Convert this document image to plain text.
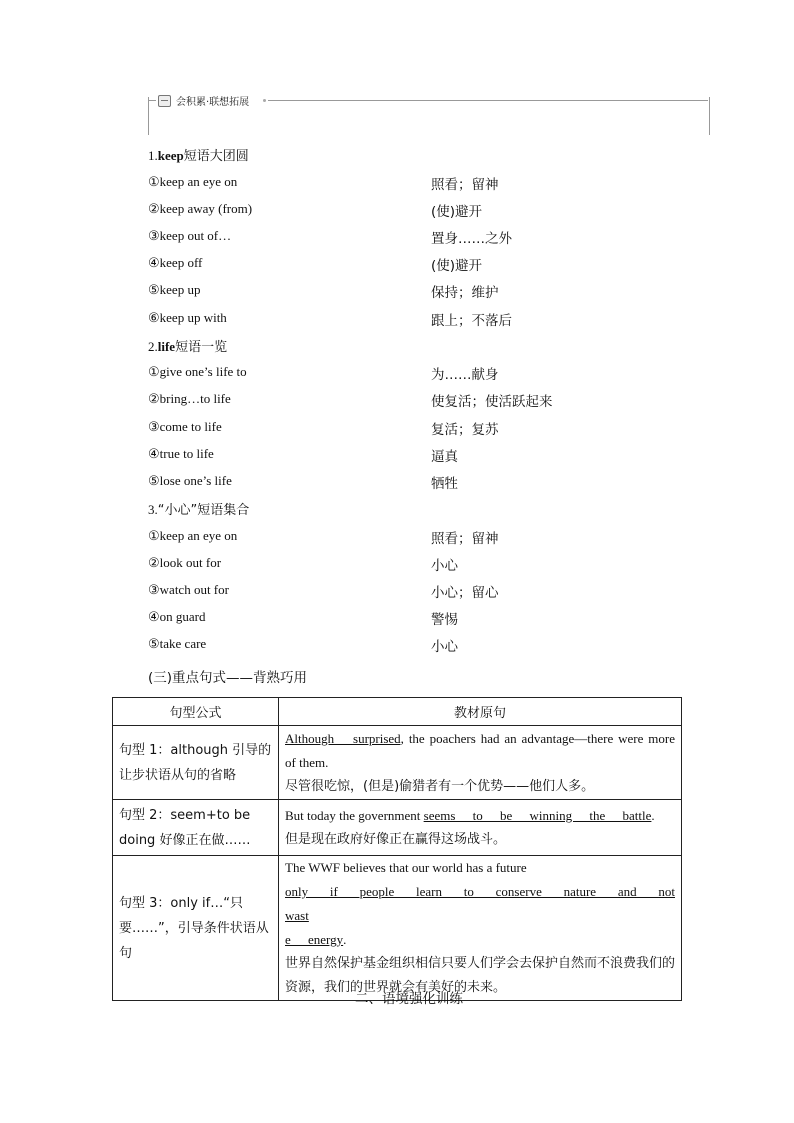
会积累·联想拓展
1.keep短语大团圆
①keep an eye on	照看；留神
②keep away (from)	(使)避开
③keep out of…	置身……之外
④keep off	(使)避开
⑤keep up	保持；维护
⑥keep up with	跟上；不落后
2.life短语一览
①give one’s life to	为……献身
②bring…to life	使复活；使活跃起来
③come to life	复活；复苏
④true to life	逼真
⑤lose one’s life	牺牲
3.“小心”短语集合
①keep an eye on	照看；留神
②look out for	小心
③watch out for	小心；留心
④on guard	警惕
⑤take care	小心
(三)重点句式——背熟巧用
句型公式	教材原句
句型 1：although 引导的让步状语从句的省略	Although surprised, the poachers had an advantage—there were more of them.
尽管很吃惊，(但是)偷猎者有一个优势——他们人多。

句型 2：seem+to be doing 好像正在做……	But today the government seems to be winning the battle.
但是现在政府好像正在赢得这场战斗。

句型 3：only if…“只要……”，引导条件状语从句	The WWF believes that our world has a future
only if people learn to conserve nature and not wast
e energy.
世界自然保护基金组织相信只要人们学会去保护自然而不浪费我们的资源，我们的世界就会有美好的未来。
二、语境强化训练
